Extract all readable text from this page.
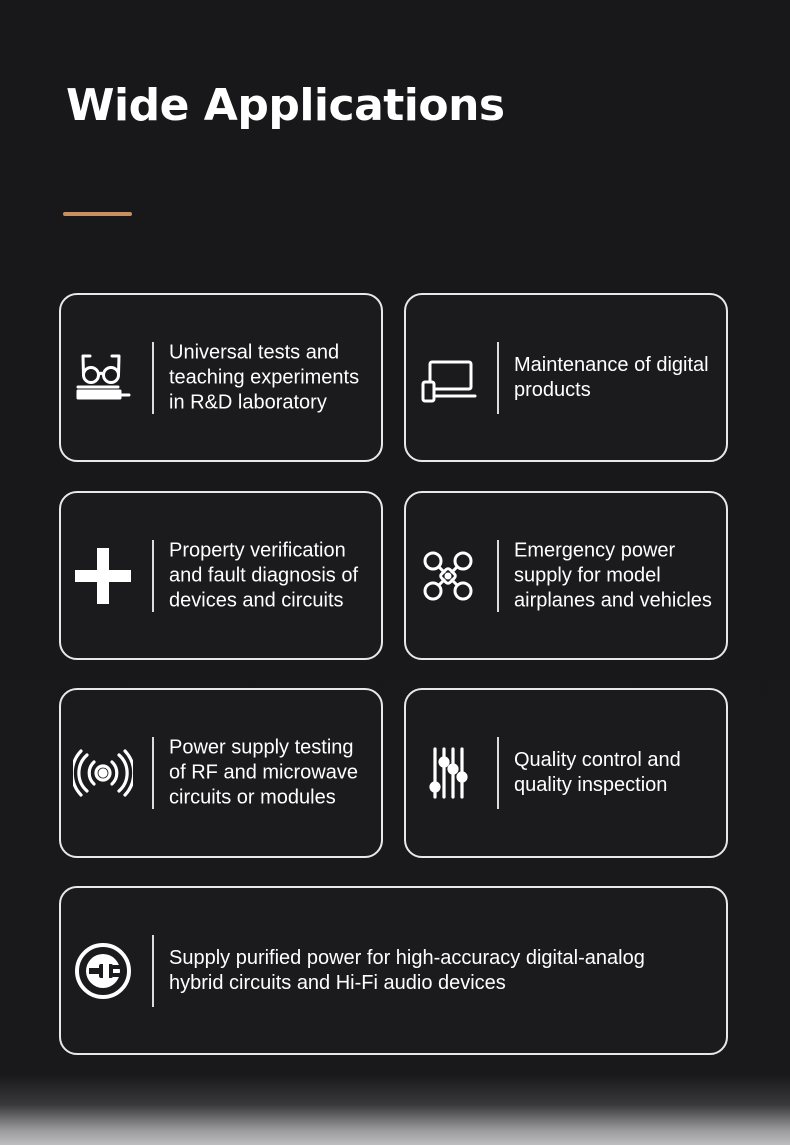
Wide Applications
Universal tests and
teaching experiments
in R&D laboratory
Maintenance of digital
products
Property verification
and fault diagnosis of
devices and circuits
Emergency power
supply for model
airplanes and vehicles
Power supply testing
of RF and microwave
circuits or modules
Quality control and
quality inspection
Supply purified power for high-accuracy digital-analog hybrid circuits and Hi-Fi audio devices
